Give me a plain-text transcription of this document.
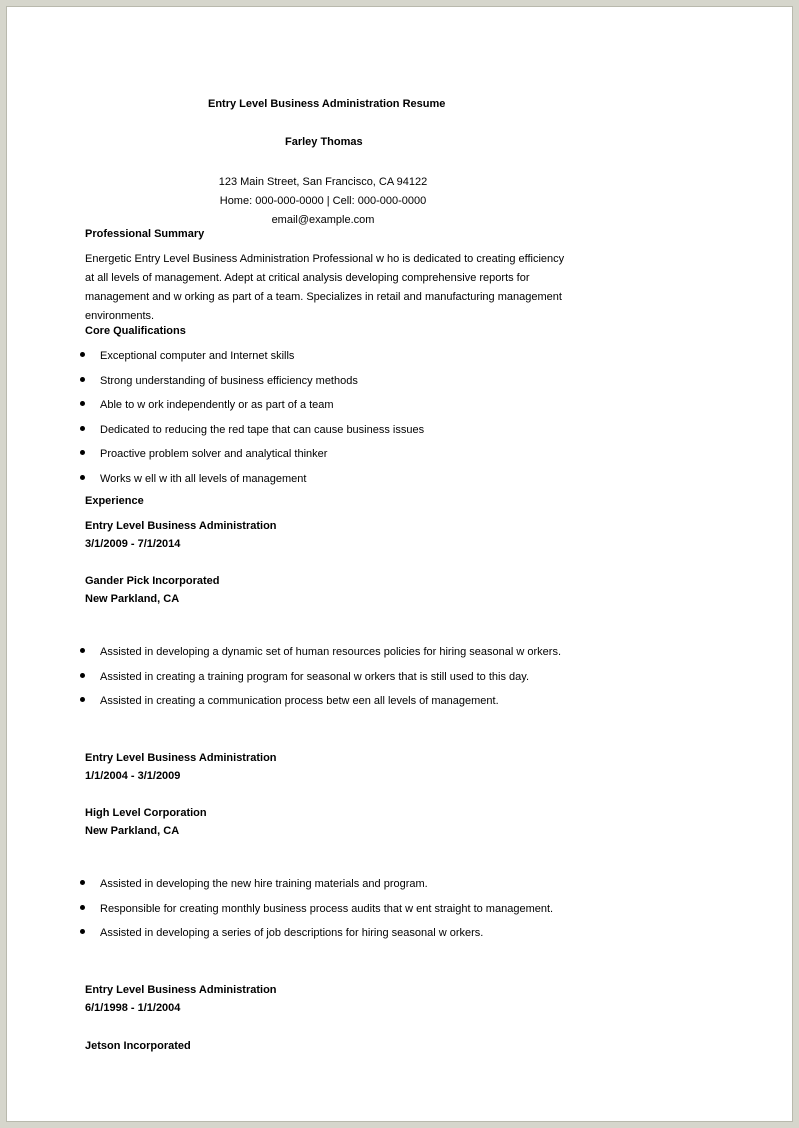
Entry Level Business Administration Resume
Farley Thomas
123 Main Street, San Francisco, CA 94122
Home: 000-000-0000 | Cell: 000-000-0000
email@example.com
Professional Summary
Energetic Entry Level Business Administration Professional w ho is dedicated to creating efficiency at all levels of management. Adept at critical analysis developing comprehensive reports for management and w orking as part of a team. Specializes in retail and manufacturing management environments.
Core Qualifications
Exceptional computer and Internet skills
Strong understanding of business efficiency methods
Able to w ork independently or as part of a team
Dedicated to reducing the red tape that can cause business issues
Proactive problem solver and analytical thinker
Works w ell w ith all levels of management
Experience
Entry Level Business Administration
3/1/2009 - 7/1/2014
Gander Pick Incorporated
New Parkland, CA
Assisted in developing a dynamic set of human resources policies for hiring seasonal w orkers.
Assisted in creating a training program for seasonal w orkers that is still used to this day.
Assisted in creating a communication process betw een all levels of management.
Entry Level Business Administration
1/1/2004 - 3/1/2009
High Level Corporation
New Parkland, CA
Assisted in developing the new hire training materials and program.
Responsible for creating monthly business process audits that w ent straight to management.
Assisted in developing a series of job descriptions for hiring seasonal w orkers.
Entry Level Business Administration
6/1/1998 - 1/1/2004
Jetson Incorporated
